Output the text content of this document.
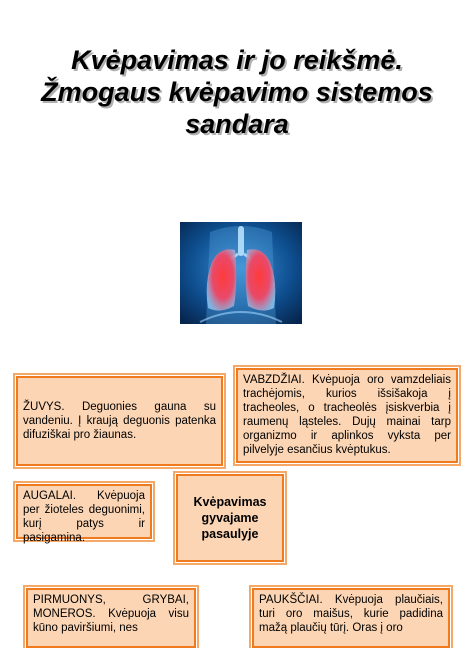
Kvėpavimas ir jo reikšmė.
Žmogaus kvėpavimo sistemos
sandara
ŽUVYS. Deguonies gauna su vandeniu. Į kraują deguonis patenka difuziškai pro žiaunas.
VABZDŽIAI. Kvėpuoja oro vamzdeliais trachėjomis, kurios išsišakoja į tracheoles, o tracheolės įsiskverbia į raumenų ląsteles. Dujų mainai tarp organizmo ir aplinkos vyksta per pilvelyje esančius kvėptukus.
AUGALAI. Kvėpuoja per žioteles deguonimi, kurį patys ir pasigamina.
Kvėpavimas gyvajame pasaulyje
PIRMUONYS, GRYBAI, MONEROS. Kvėpuoja visu kūno paviršiumi, nes
PAUKŠČIAI. Kvėpuoja plaučiais, turi oro maišus, kurie padidina mažą plaučių tūrį. Oras į oro
